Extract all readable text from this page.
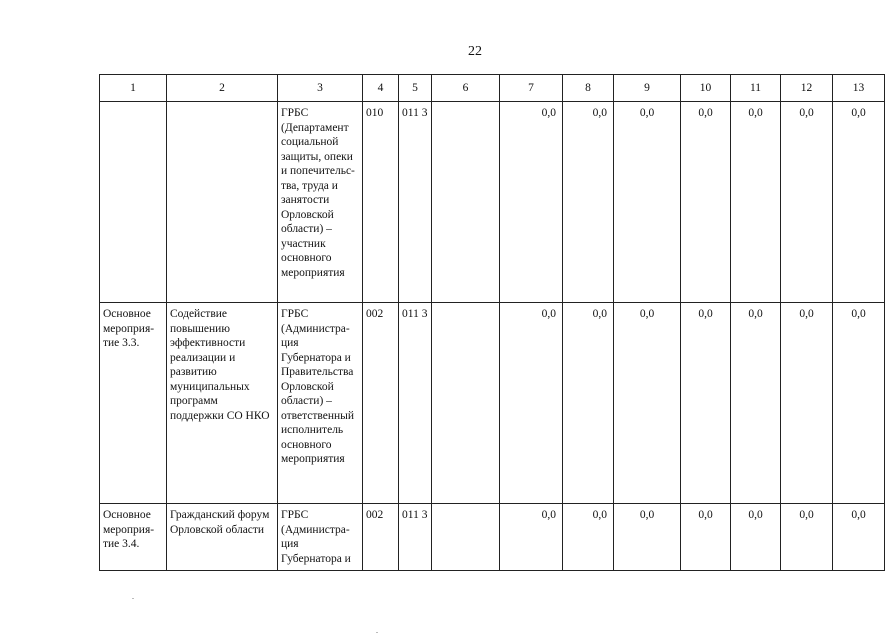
22
1	2	3	4	5	6	7	8	9	10	11	12	13

		ГРБС (Департамент социальной защиты, опеки и попечительс- тва, труда и занятости Орловской области) – участник основного мероприятия	010	011 3		0,0	0,0	0,0	0,0	0,0	0,0	0,0

Основное мероприя- тие 3.3.	Содействие повышению эффективности реализации и развитию муниципальных программ поддержки СО НКО	ГРБС (Администра- ция Губернатора и Правительства Орловской области) – ответственный исполнитель основного мероприятия	002	011 3		0,0	0,0	0,0	0,0	0,0	0,0	0,0

Основное мероприя- тие 3.4.	Гражданский форум Орловской области	ГРБС (Администра- ция Губернатора и	002	011 3		0,0	0,0	0,0	0,0	0,0	0,0	0,0
